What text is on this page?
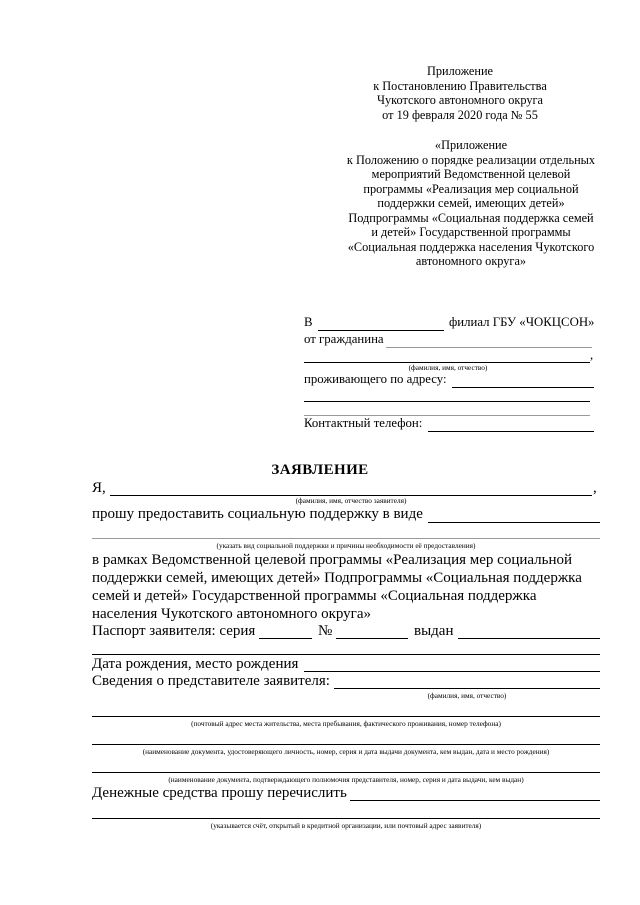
Приложение
к Постановлению Правительства
Чукотского автономного округа
от 19 февраля 2020 года № 55
«Приложение
к Положению о порядке реализации отдельных
мероприятий Ведомственной целевой
программы «Реализация мер социальной
поддержки семей, имеющих детей»
Подпрограммы «Социальная поддержка семей
и детей» Государственной программы
«Социальная поддержка населения Чукотского
автономного округа»
В	филиал ГБУ «ЧОКЦСОН»
от гражданина
,
(фамилия, имя, отчество)
проживающего по адресу:
Контактный телефон:
ЗАЯВЛЕНИЕ
Я,	,
(фамилия, имя, отчество заявителя)
прошу предоставить социальную поддержку в виде
(указать вид социальной поддержки и причины необходимости её предоставления)
в рамках Ведомственной целевой программы «Реализация мер социальной
поддержки семей, имеющих детей» Подпрограммы «Социальная поддержка
семей и детей» Государственной программы «Социальная поддержка
населения Чукотского автономного округа»
Паспорт заявителя: серия	№	выдан
Дата рождения, место рождения
Сведения о представителе заявителя:
(фамилия, имя, отчество)
(почтовый адрес места жительства, места пребывания, фактического проживания, номер телефона)
(наименование документа, удостоверяющего личность, номер, серия и дата выдачи документа, кем выдан, дата и место рождения)
(наименование документа, подтверждающего полномочия представителя, номер, серия и дата выдачи, кем выдан)
Денежные средства прошу перечислить
(указывается счёт, открытый в кредитной организации, или почтовый адрес заявителя)
